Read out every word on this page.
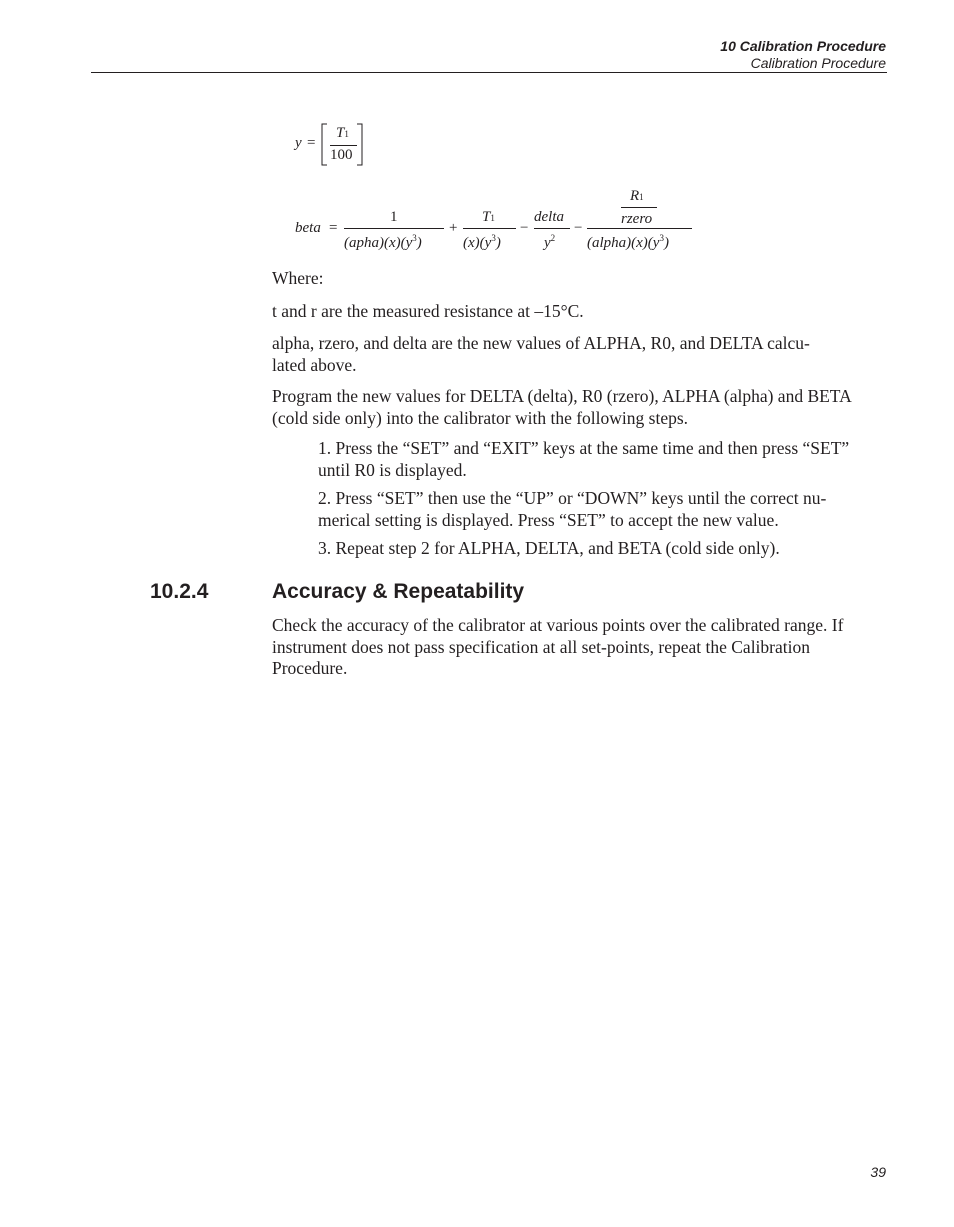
10 Calibration Procedure
Calibration Procedure
y =
T1
100
beta =
1
$(apha)(x)(y^3)$
+
T1
$(x)(y^3)$
−
delta
$y^2$
−
R1
rzero
$(alpha)(x)(y^3)$

Where:

t and r are the measured resistance at –15°C.

alpha, rzero, and delta are the new values of ALPHA, R0, and DELTA calcu-
lated above.

Program the new values for DELTA (delta), R0 (rzero), ALPHA (alpha) and BETA (cold side only) into the calibrator with the following steps.

1. Press the “SET” and “EXIT” keys at the same time and then press “SET” until R0 is displayed.

2. Press “SET” then use the “UP” or “DOWN” keys until the correct nu-
merical setting is displayed. Press “SET” to accept the new value.

3. Repeat step 2 for ALPHA, DELTA, and BETA (cold side only).

10.2.4	Accuracy & Repeatability

Check the accuracy of the calibrator at various points over the calibrated range. If instrument does not pass specification at all set-points, repeat the Calibration Procedure.

39
